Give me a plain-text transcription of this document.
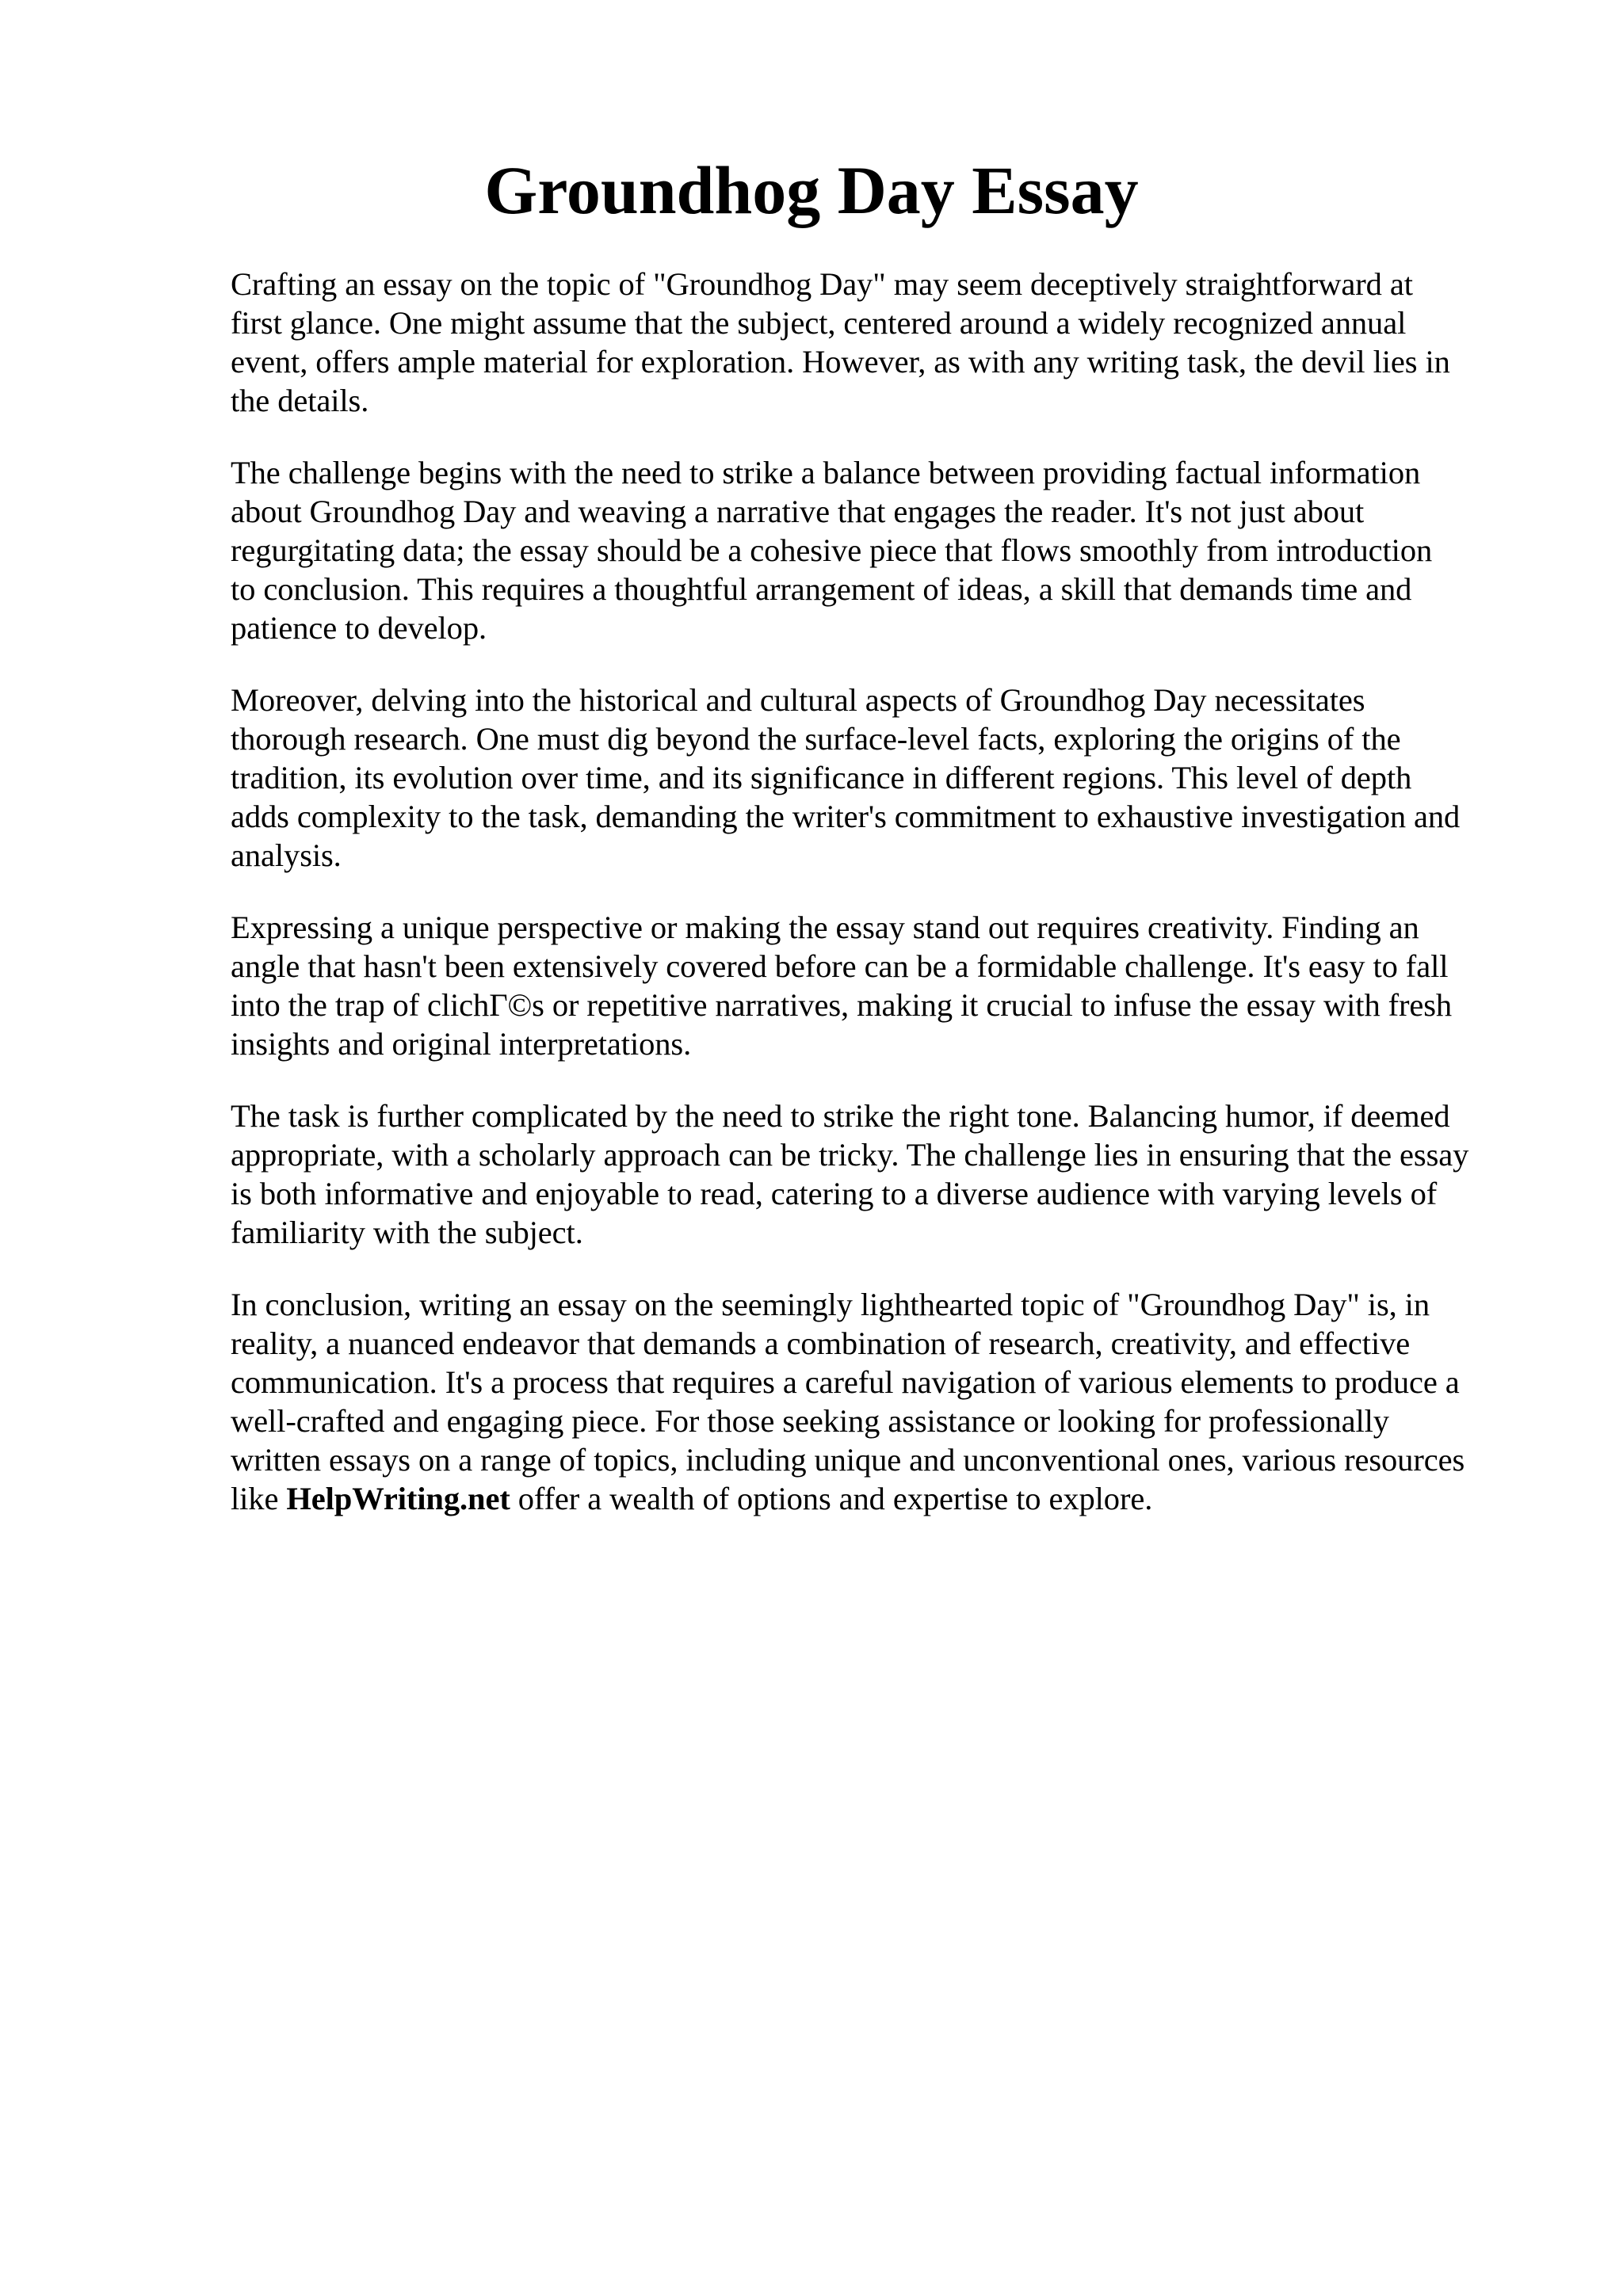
Groundhog Day Essay

Crafting an essay on the topic of "Groundhog Day" may seem deceptively straightforward at
first glance. One might assume that the subject, centered around a widely recognized annual
event, offers ample material for exploration. However, as with any writing task, the devil lies in
the details.

The challenge begins with the need to strike a balance between providing factual information
about Groundhog Day and weaving a narrative that engages the reader. It's not just about
regurgitating data; the essay should be a cohesive piece that flows smoothly from introduction
to conclusion. This requires a thoughtful arrangement of ideas, a skill that demands time and
patience to develop.

Moreover, delving into the historical and cultural aspects of Groundhog Day necessitates
thorough research. One must dig beyond the surface-level facts, exploring the origins of the
tradition, its evolution over time, and its significance in different regions. This level of depth
adds complexity to the task, demanding the writer's commitment to exhaustive investigation and
analysis.

Expressing a unique perspective or making the essay stand out requires creativity. Finding an
angle that hasn't been extensively covered before can be a formidable challenge. It's easy to fall
into the trap of clichΓ©s or repetitive narratives, making it crucial to infuse the essay with fresh
insights and original interpretations.

The task is further complicated by the need to strike the right tone. Balancing humor, if deemed
appropriate, with a scholarly approach can be tricky. The challenge lies in ensuring that the essay
is both informative and enjoyable to read, catering to a diverse audience with varying levels of
familiarity with the subject.

In conclusion, writing an essay on the seemingly lighthearted topic of "Groundhog Day" is, in
reality, a nuanced endeavor that demands a combination of research, creativity, and effective
communication. It's a process that requires a careful navigation of various elements to produce a
well-crafted and engaging piece. For those seeking assistance or looking for professionally
written essays on a range of topics, including unique and unconventional ones, various resources
like HelpWriting.net offer a wealth of options and expertise to explore.
